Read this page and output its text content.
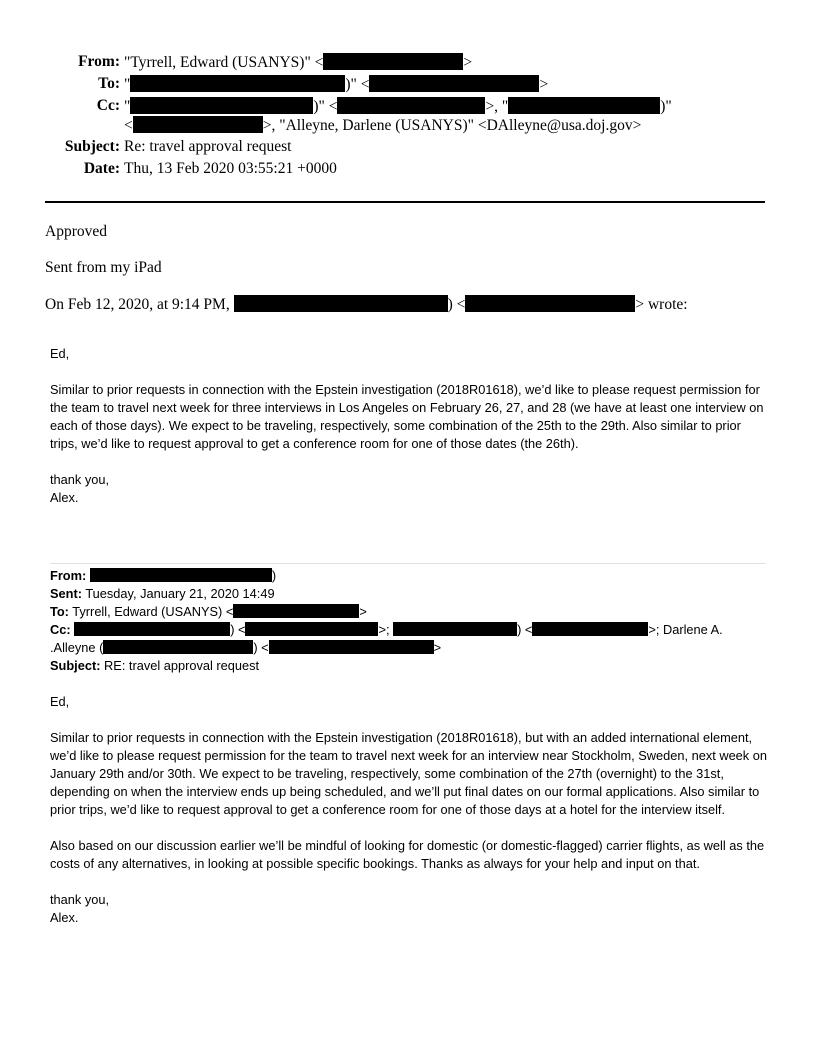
From: "Tyrrell, Edward (USANYS)" <	>
To: "	)" <	>
Cc: "	)" <	>, "	)"
<	>, "Alleyne, Darlene (USANYS)" <DAlleyne@usa.doj.gov>
Subject: Re: travel approval request
Date: Thu, 13 Feb 2020 03:55:21 +0000
Approved
Sent from my iPad
On Feb 12, 2020, at 9:14 PM,	) <	> wrote:

Ed,

Similar to prior requests in connection with the Epstein investigation (2018R01618), we’d like to please request permission for the team to travel next week for three interviews in Los Angeles on February 26, 27, and 28 (we have at least one interview on each of those days). We expect to be traveling, respectively, some combination of the 25th to the 29th. Also similar to prior trips, we’d like to request approval to get a conference room for one of those dates (the 26th).

thank you,

Alex.

From:	)

Sent: Tuesday, January 21, 2020 14:49

To: Tyrrell, Edward (USANYS) <	>

Cc:	) <	>;	) <	>; Darlene A.

.Alleyne (	) <	>

Subject: RE: travel approval request

Ed,

Similar to prior requests in connection with the Epstein investigation (2018R01618), but with an added international element, we’d like to please request permission for the team to travel next week for an interview near Stockholm, Sweden, next week on January 29th and/or 30th. We expect to be traveling, respectively, some combination of the 27th (overnight) to the 31st, depending on when the interview ends up being scheduled, and we’ll put final dates on our formal applications. Also similar to prior trips, we’d like to request approval to get a conference room for one of those days at a hotel for the interview itself.

Also based on our discussion earlier we’ll be mindful of looking for domestic (or domestic-flagged) carrier flights, as well as the costs of any alternatives, in looking at possible specific bookings. Thanks as always for your help and input on that.

thank you,

Alex.
